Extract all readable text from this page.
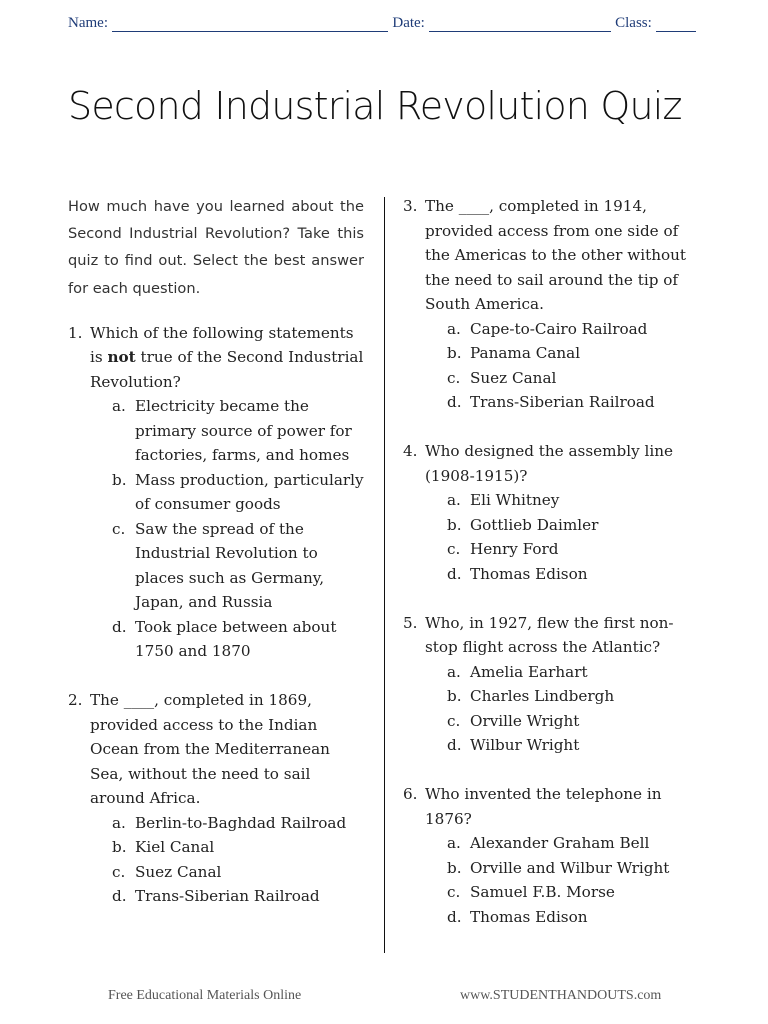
Name:	Date:	Class:
Second Industrial Revolution Quiz

How much have you learned about the Second Industrial Revolution? Take this quiz to find out. Select the best answer for each question.

1. Which of the following statements is not true of the Second Industrial Revolution?
a. Electricity became the primary source of power for factories, farms, and homes
b. Mass production, particularly of consumer goods
c. Saw the spread of the Industrial Revolution to places such as Germany, Japan, and Russia
d. Took place between about 1750 and 1870
2. The ____, completed in 1869, provided access to the Indian Ocean from the Mediterranean Sea, without the need to sail around Africa.
a. Berlin-to-Baghdad Railroad
b. Kiel Canal
c. Suez Canal
d. Trans-Siberian Railroad
3. The ____, completed in 1914, provided access from one side of the Americas to the other without the need to sail around the tip of South America.
a. Cape-to-Cairo Railroad
b. Panama Canal
c. Suez Canal
d. Trans-Siberian Railroad
4. Who designed the assembly line (1908-1915)?
a. Eli Whitney
b. Gottlieb Daimler
c. Henry Ford
d. Thomas Edison
5. Who, in 1927, flew the first non-stop flight across the Atlantic?
a. Amelia Earhart
b. Charles Lindbergh
c. Orville Wright
d. Wilbur Wright
6. Who invented the telephone in 1876?
a. Alexander Graham Bell
b. Orville and Wilbur Wright
c. Samuel F.B. Morse
d. Thomas Edison
Free Educational Materials Online	www.STUDENTHANDOUTS.com
